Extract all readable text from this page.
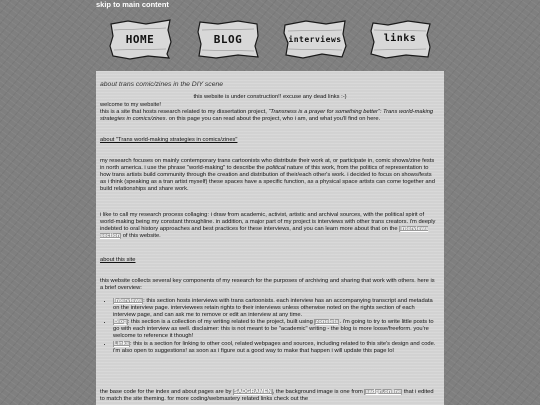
skip to main content
HOME	BLOG	interviews	links
about trans comic/zines in the DIY scene
this website is under construction!! excuse any dead links :-)

welcome to my website!

this is a site that hosts research related to my dissertation project, “Transness is a prayer for something better”: Trans world-making strategies in comics/zines. on this page you can read about the project, who i am, and what you'll find on here.

about "Trans world-making strategies in comics/zines"

my research focuses on mainly contemporary trans cartoonists who distribute their work at, or participate in, comic shows/zine fests in north america. i use the phrase "world-making" to describe the political nature of this work, from the politics of representation to how trans artists build community through the creation and distribution of their/each other's work. i decided to focus on shows/fests as i think (speaking as a tran artist myself) these spaces have a specific function, as a physical space artists can come together and build relationships and share work.

i like to call my research process collaging: i draw from academic, activist, artistic and archival sources, with the political spirit of world-making being my constant throughline. in addition, a major part of my project is interviews with other trans creators. i'm deeply indebted to oral history approaches and best practices for these interviews, and you can learn more about that on the interviews section of this website.

about this site

this website collects several key components of my research for the purposes of archiving and sharing that work with others. here is a brief overview:

• Interviews: this section hosts interviews with trans cartoonists. each interview has an accompanying transcript and metadata on the interview page. interviewees retain rights to their interviews unless otherwise noted on the rights section of each interview page, and can ask me to remove or edit an interview at any time.
• Blog: this section is a collection of my writing related to the project, built using zonelets. i'm going to try to write little posts to go with each interview as well. disclaimer: this is not meant to be "academic" writing - the blog is more loose/freeform. you're welcome to reference it though!
• Links: this is a section for linking to other cool, related webpages and sources, including related to this site's design and code. i'm also open to suggestions! as soon as i figure out a good way to make that happen i will update this page lol

the base code for the index and about pages are by SADGRAMEN, the background image is one from sadgrl.online that i edited to match the site theming. for more coding/webmastery related links check out the
